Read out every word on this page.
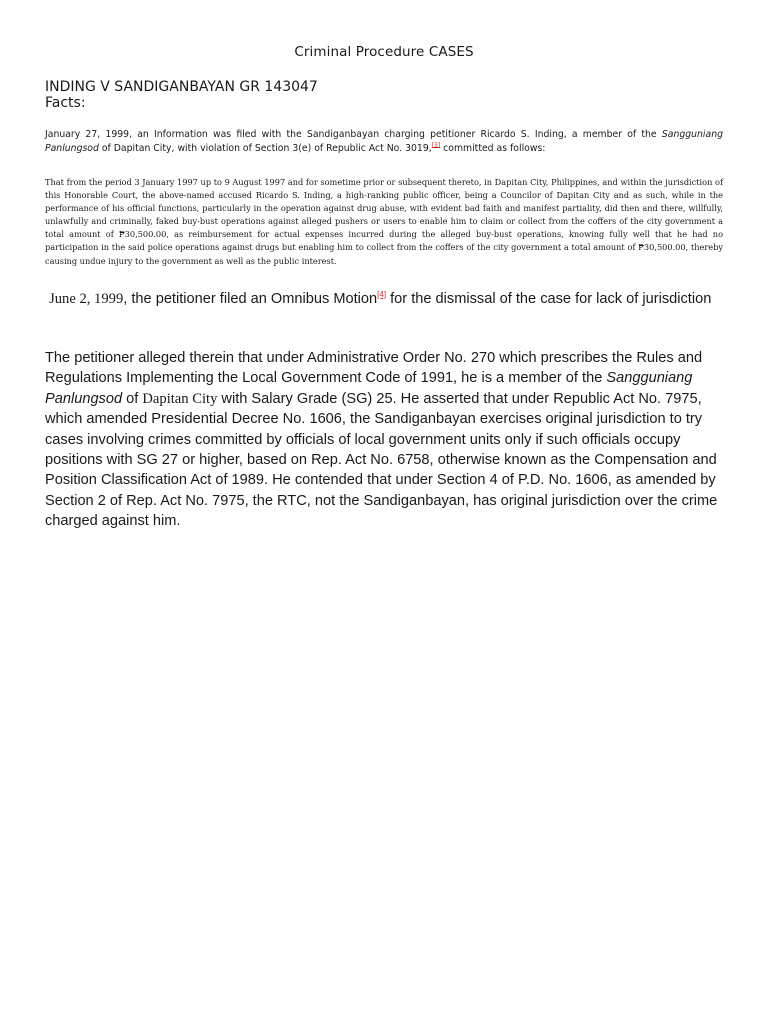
Criminal Procedure CASES
INDING V SANDIGANBAYAN GR 143047
Facts:
January 27, 1999, an Information was filed with the Sandiganbayan charging petitioner Ricardo S. Inding, a member of the Sangguniang Panlungsod of Dapitan City, with violation of Section 3(e) of Republic Act No. 3019,[3] committed as follows:
That from the period 3 January 1997 up to 9 August 1997 and for sometime prior or subsequent thereto, in Dapitan City, Philippines, and within the jurisdiction of this Honorable Court, the above-named accused Ricardo S. Inding, a high-ranking public officer, being a Councilor of Dapitan City and as such, while in the performance of his official functions, particularly in the operation against drug abuse, with evident bad faith and manifest partiality, did then and there, willfully, unlawfully and criminally, faked buy-bust operations against alleged pushers or users to enable him to claim or collect from the coffers of the city government a total amount of ₱30,500.00, as reimbursement for actual expenses incurred during the alleged buy-bust operations, knowing fully well that he had no participation in the said police operations against drugs but enabling him to collect from the coffers of the city government a total amount of ₱30,500.00, thereby causing undue injury to the government as well as the public interest.
June 2, 1999, the petitioner filed an Omnibus Motion[4] for the dismissal of the case for lack of jurisdiction
The petitioner alleged therein that under Administrative Order No. 270 which prescribes the Rules and Regulations Implementing the Local Government Code of 1991, he is a member of the Sangguniang Panlungsod of Dapitan City with Salary Grade (SG) 25. He asserted that under Republic Act No. 7975, which amended Presidential Decree No. 1606, the Sandiganbayan exercises original jurisdiction to try cases involving crimes committed by officials of local government units only if such officials occupy positions with SG 27 or higher, based on Rep. Act No. 6758, otherwise known as the Compensation and Position Classification Act of 1989. He contended that under Section 4 of P.D. No. 1606, as amended by Section 2 of Rep. Act No. 7975, the RTC, not the Sandiganbayan, has original jurisdiction over the crime charged against him.
